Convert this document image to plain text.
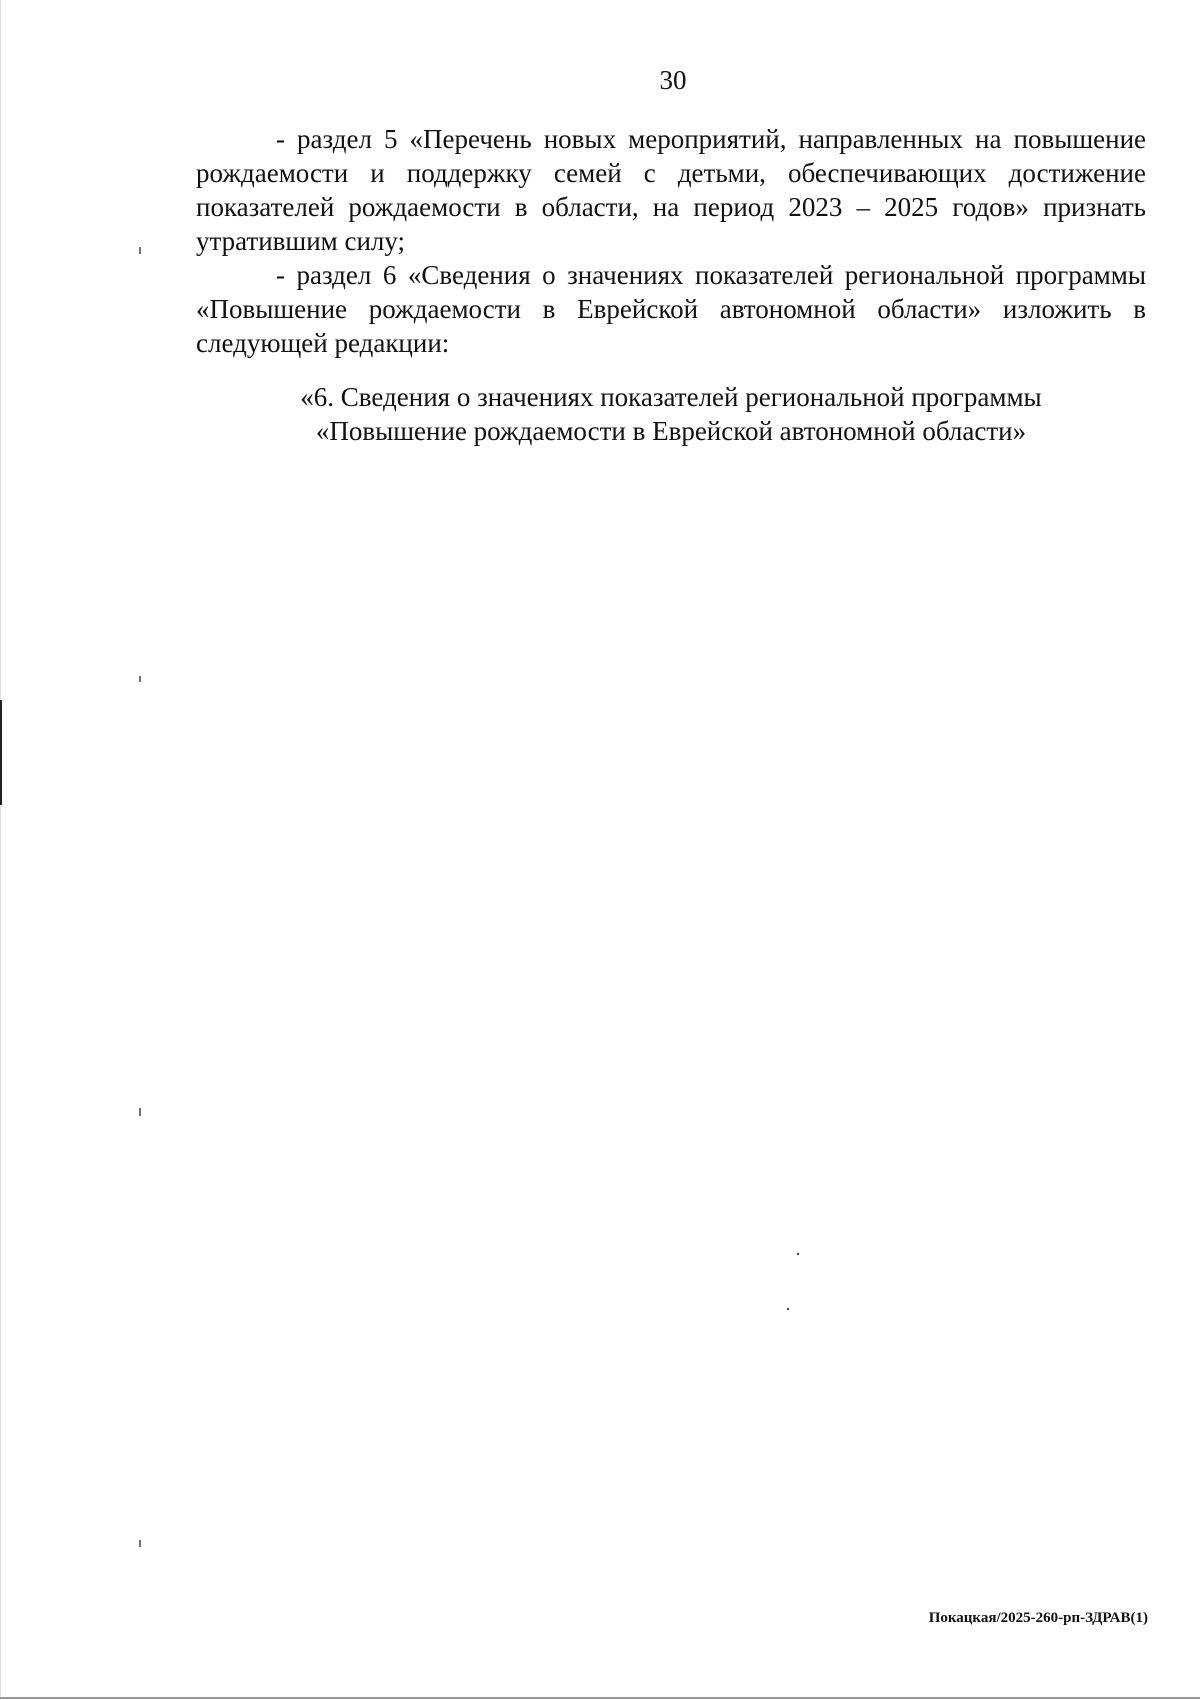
30

- раздел 5 «Перечень новых мероприятий, направленных на повышение рождаемости и поддержку семей с детьми, обеспечивающих достижение показателей рождаемости в области, на период 2023 – 2025 годов» признать утратившим силу;

- раздел 6 «Сведения о значениях показателей региональной программы «Повышение рождаемости в Еврейской автономной области» изложить в следующей редакции:

«6. Сведения о значениях показателей региональной программы
«Повышение рождаемости в Еврейской автономной области»
Покацкая/2025-260-рп-ЗДРАВ(1)
